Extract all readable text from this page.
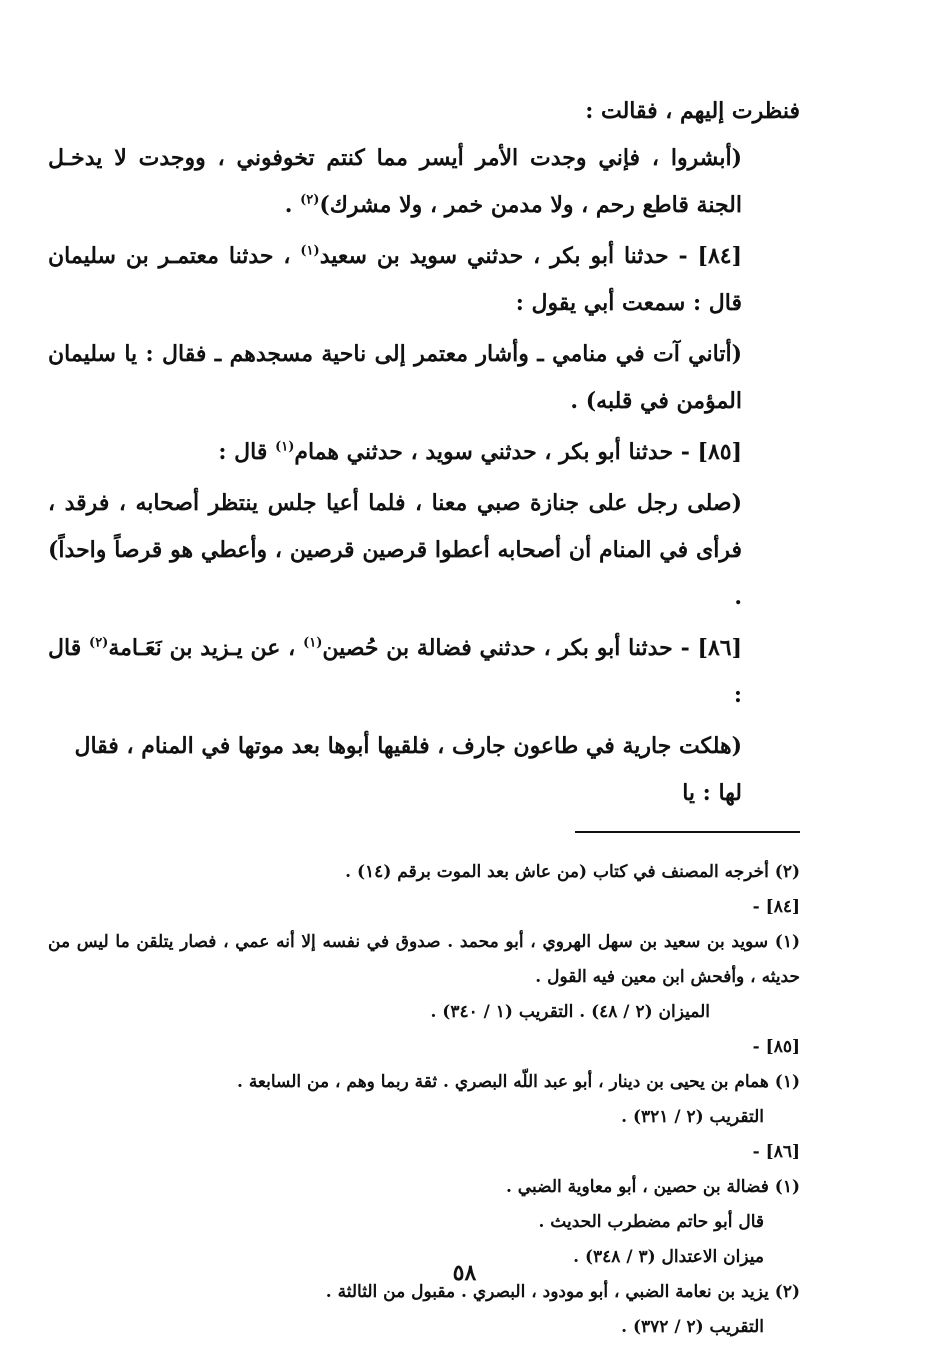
فنظرت إليهم ، فقالت :

(أبشروا ، فإني وجدت الأمر أيسر مما كنتم تخوفوني ، ووجدت لا يدخـل الجنة قاطع رحم ، ولا مدمن خمر ، ولا مشرك)$^{(٢)}$ .

[٨٤] - حدثنا أبو بكر ، حدثني سويد بن سعيد$^{(١)}$ ، حدثنا معتمـر بن سليمان قال : سمعت أبي يقول :

(أتاني آت في منامي ـ وأشار معتمر إلى ناحية مسجدهم ـ فقال : يا سليمان المؤمن في قلبه) .

[٨٥] - حدثنا أبو بكر ، حدثني سويد ، حدثني همام$^{(١)}$ قال :

(صلى رجل على جنازة صبي معنا ، فلما أعيا جلس ينتظر أصحابه ، فرقد ، فرأى في المنام أن أصحابه أعطوا قرصين قرصين ، وأعطي هو قرصاً واحداً) .

[٨٦] - حدثنا أبو بكر ، حدثني فضالة بن حُصين$^{(١)}$ ، عن يـزيد بن نَعَـامة$^{(٢)}$ قال :

(هلكت جارية في طاعون جارف ، فلقيها أبوها بعد موتها في المنام ، فقال لها : يا

(٢) أخرجه المصنف في كتاب (من عاش بعد الموت برقم (١٤) .

[٨٤] -

(١) سويد بن سعيد بن سهل الهروي ، أبو محمد . صدوق في نفسه إلا أنه عمي ، فصار يتلقن ما ليس من حديثه ، وأفحش ابن معين فيه القول .

الميزان (٢ / ٤٨) . التقريب (١ / ٣٤٠) .

[٨٥] -

(١) همام بن يحيى بن دينار ، أبو عبد اللّه البصري . ثقة ربما وهم ، من السابعة .

التقريب (٢ / ٣٢١) .

[٨٦] -

(١) فضالة بن حصين ، أبو معاوية الضبي .

قال أبو حاتم مضطرب الحديث .

ميزان الاعتدال (٣ / ٣٤٨) .

(٢) يزيد بن نعامة الضبي ، أبو مودود ، البصري . مقبول من الثالثة .

التقريب (٢ / ٣٧٢) .

٥٨
